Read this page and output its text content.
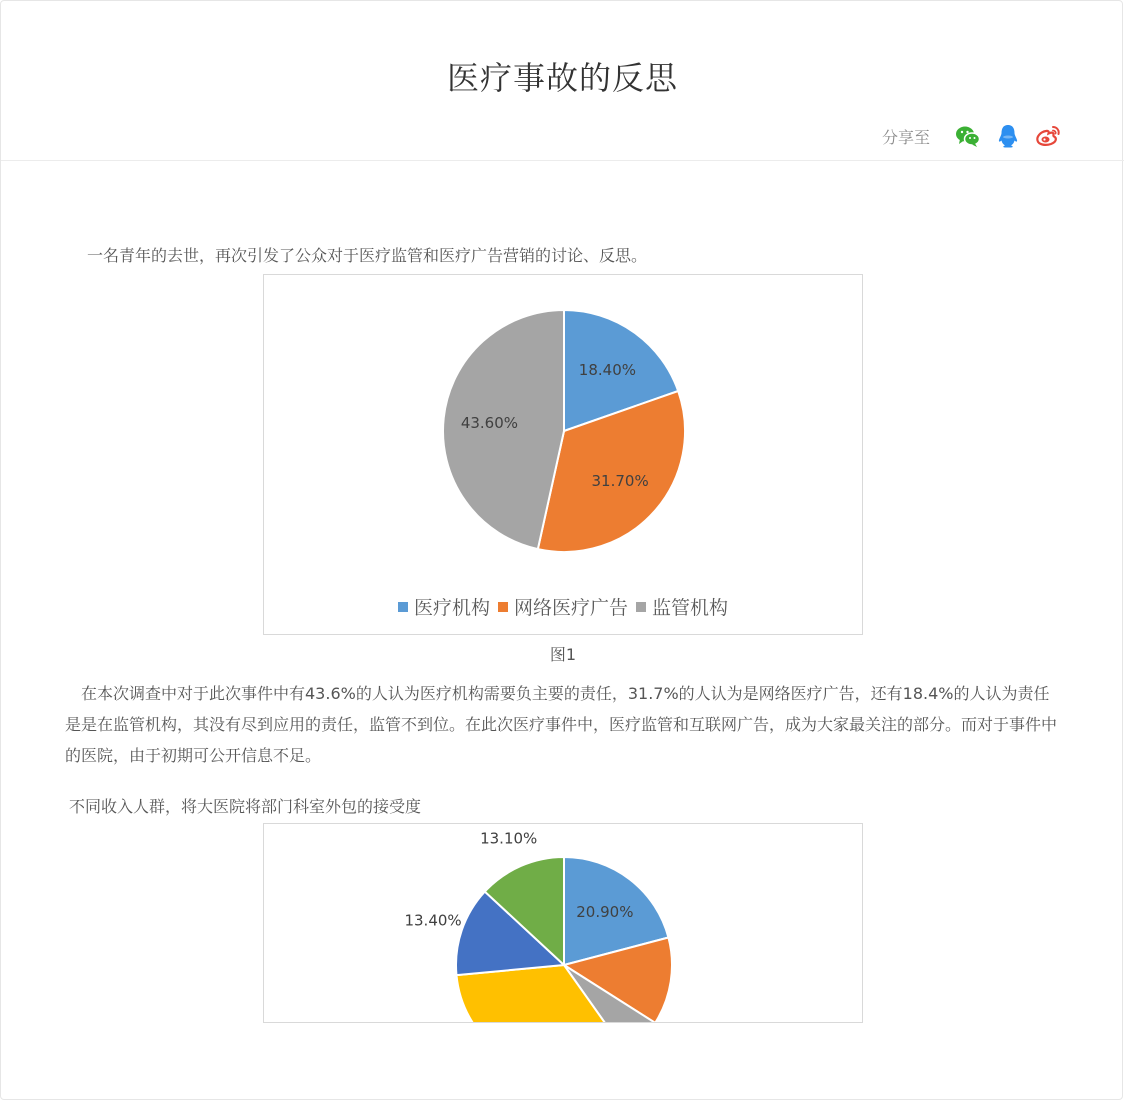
医疗事故的反思
分享至

一名青年的去世，再次引发了公众对于医疗监管和医疗广告营销的讨论、反思。

18.40%
31.70%
43.60%
医疗机构 网络医疗广告 监管机构

图1

在本次调查中对于此次事件中有43.6%的人认为医疗机构需要负主要的责任，31.7%的人认为是网络医疗广告，还有18.4%的人认为责任是是在监管机构，其没有尽到应用的责任，监管不到位。在此次医疗事件中，医疗监管和互联网广告，成为大家最关注的部分。而对于事件中的医院，由于初期可公开信息不足。

不同收入人群，将大医院将部门科室外包的接受度

20.90%
13.40%
13.10%
